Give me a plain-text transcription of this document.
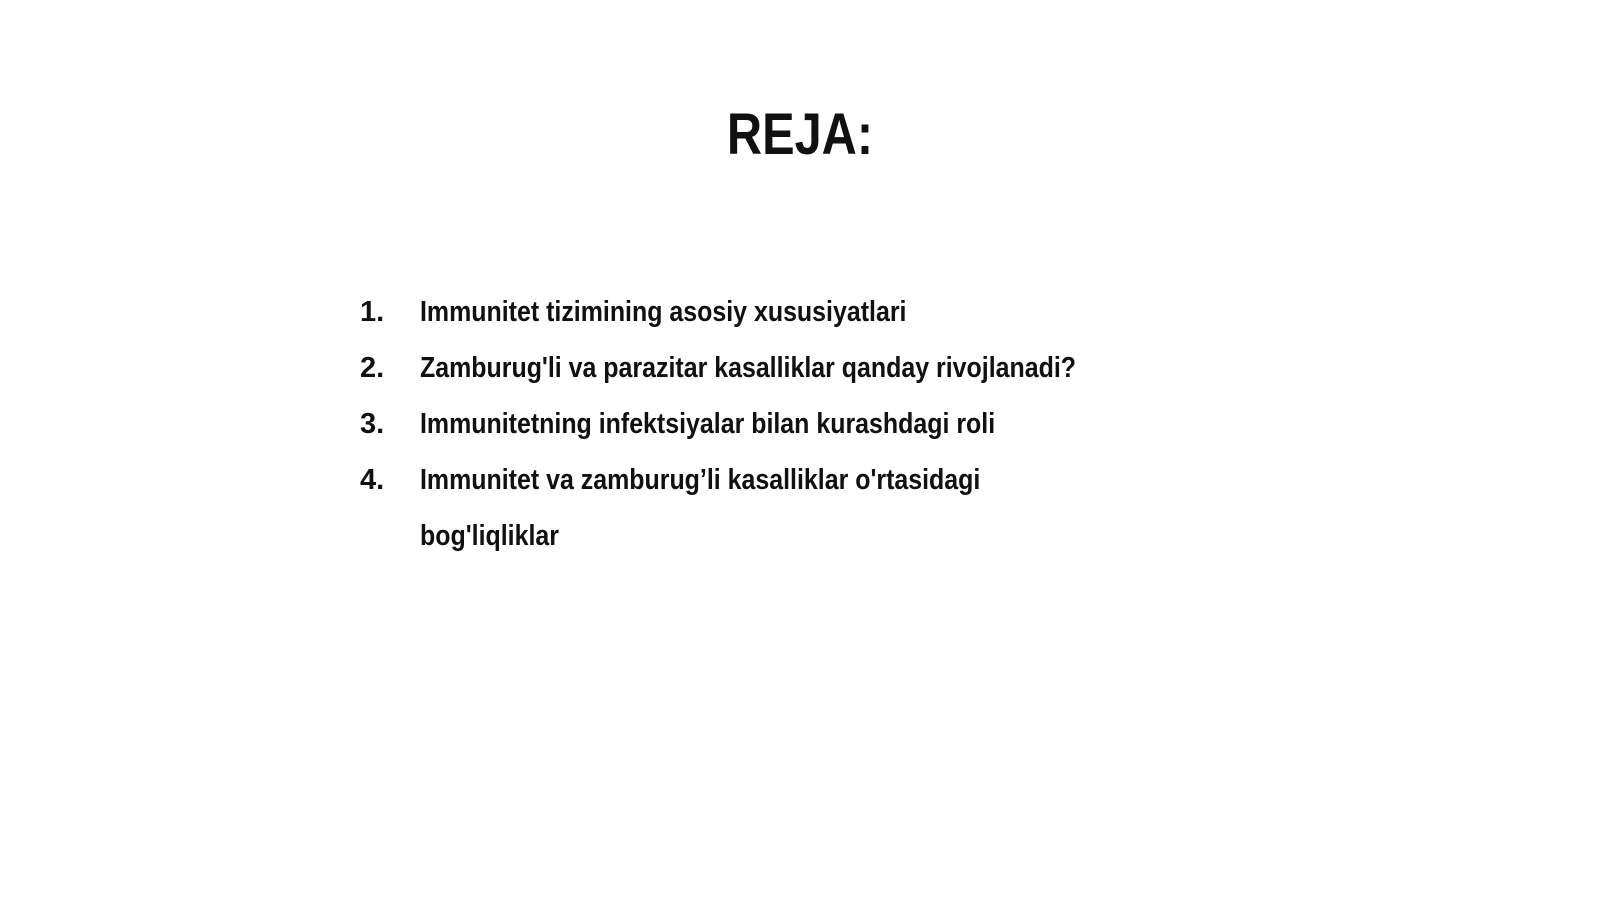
REJA:
1.	Immunitet tizimining asosiy xususiyatlari
2.	Zamburug'li va parazitar kasalliklar qanday rivojlanadi?
3.	Immunitetning infektsiyalar bilan kurashdagi roli
4.	Immunitet va zamburug’li kasalliklar o'rtasidagi
bog'liqliklar
